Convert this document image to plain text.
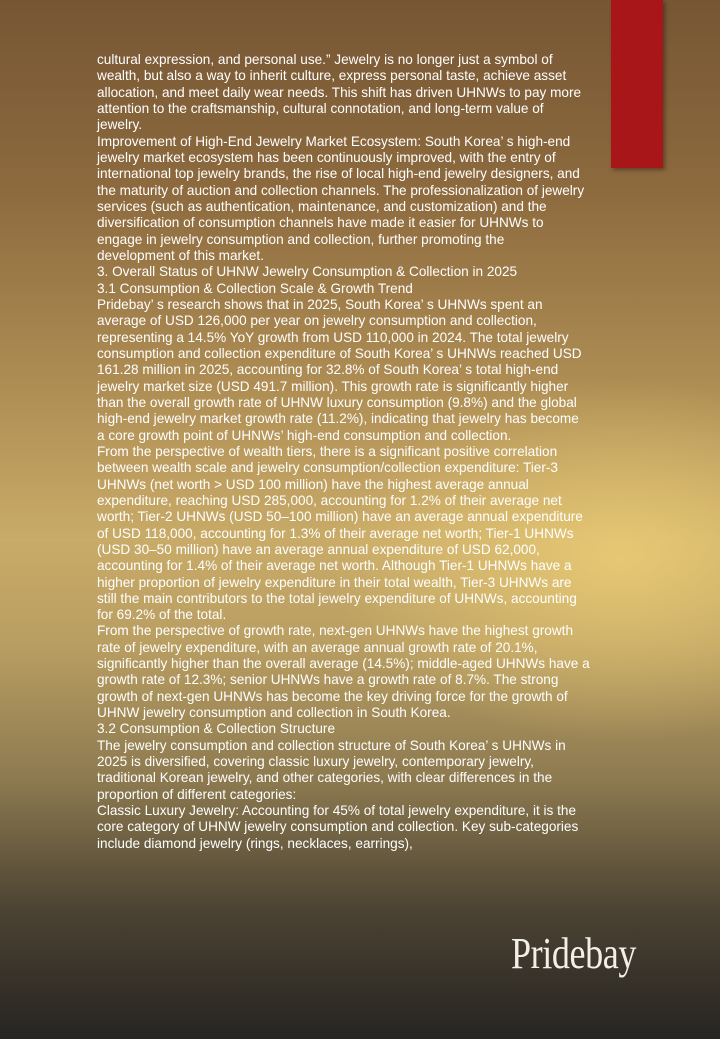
cultural expression, and personal use.” Jewelry is no longer just a symbol of
wealth, but also a way to inherit culture, express personal taste, achieve asset
allocation, and meet daily wear needs. This shift has driven UHNWs to pay more
attention to the craftsmanship, cultural connotation, and long-term value of
jewelry.
Improvement of High-End Jewelry Market Ecosystem: South Korea’ s high-end
jewelry market ecosystem has been continuously improved, with the entry of
international top jewelry brands, the rise of local high-end jewelry designers, and
the maturity of auction and collection channels. The professionalization of jewelry
services (such as authentication, maintenance, and customization) and the
diversification of consumption channels have made it easier for UHNWs to
engage in jewelry consumption and collection, further promoting the
development of this market.
3. Overall Status of UHNW Jewelry Consumption & Collection in 2025
3.1 Consumption & Collection Scale & Growth Trend
Pridebay’ s research shows that in 2025, South Korea’ s UHNWs spent an
average of USD 126,000 per year on jewelry consumption and collection,
representing a 14.5% YoY growth from USD 110,000 in 2024. The total jewelry
consumption and collection expenditure of South Korea’ s UHNWs reached USD
161.28 million in 2025, accounting for 32.8% of South Korea’ s total high-end
jewelry market size (USD 491.7 million). This growth rate is significantly higher
than the overall growth rate of UHNW luxury consumption (9.8%) and the global
high-end jewelry market growth rate (11.2%), indicating that jewelry has become
a core growth point of UHNWs’ high-end consumption and collection.
From the perspective of wealth tiers, there is a significant positive correlation
between wealth scale and jewelry consumption/collection expenditure: Tier-3
UHNWs (net worth > USD 100 million) have the highest average annual
expenditure, reaching USD 285,000, accounting for 1.2% of their average net
worth; Tier-2 UHNWs (USD 50–100 million) have an average annual expenditure
of USD 118,000, accounting for 1.3% of their average net worth; Tier-1 UHNWs
(USD 30–50 million) have an average annual expenditure of USD 62,000,
accounting for 1.4% of their average net worth. Although Tier-1 UHNWs have a
higher proportion of jewelry expenditure in their total wealth, Tier-3 UHNWs are
still the main contributors to the total jewelry expenditure of UHNWs, accounting
for 69.2% of the total.
From the perspective of growth rate, next-gen UHNWs have the highest growth
rate of jewelry expenditure, with an average annual growth rate of 20.1%,
significantly higher than the overall average (14.5%); middle-aged UHNWs have a
growth rate of 12.3%; senior UHNWs have a growth rate of 8.7%. The strong
growth of next-gen UHNWs has become the key driving force for the growth of
UHNW jewelry consumption and collection in South Korea.
3.2 Consumption & Collection Structure
The jewelry consumption and collection structure of South Korea’ s UHNWs in
2025 is diversified, covering classic luxury jewelry, contemporary jewelry,
traditional Korean jewelry, and other categories, with clear differences in the
proportion of different categories:
Classic Luxury Jewelry: Accounting for 45% of total jewelry expenditure, it is the
core category of UHNW jewelry consumption and collection. Key sub-categories
include diamond jewelry (rings, necklaces, earrings),
Pridebay
